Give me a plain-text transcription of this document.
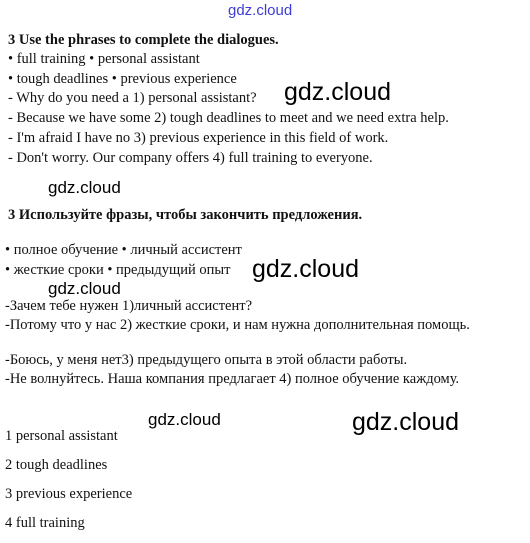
gdz.cloud
3 Use the phrases to complete the dialogues.
• full training • personal assistant
• tough deadlines • previous experience
- Why do you need a 1) personal assistant?
- Because we have some 2) tough deadlines to meet and we need extra help.
- I'm afraid I have no 3) previous experience in this field of work.
- Don't worry. Our company offers 4) full training to everyone.
gdz.cloud
gdz.cloud
3 Используйте фразы, чтобы закончить предложения.
• полное обучение • личный ассистент
• жесткие сроки • предыдущий опыт gdz.cloud
gdz.cloud
-Зачем тебе нужен 1)личный ассистент?
-Потому что у нас 2) жесткие сроки, и нам нужна дополнительная помощь.
-Боюсь, у меня нет3) предыдущего опыта в этой области работы.
-Не волнуйтесь. Наша компания предлагает 4) полное обучение каждому.
gdz.cloud	gdz.cloud
1 personal assistant
2 tough deadlines
3 previous experience
4 full training
